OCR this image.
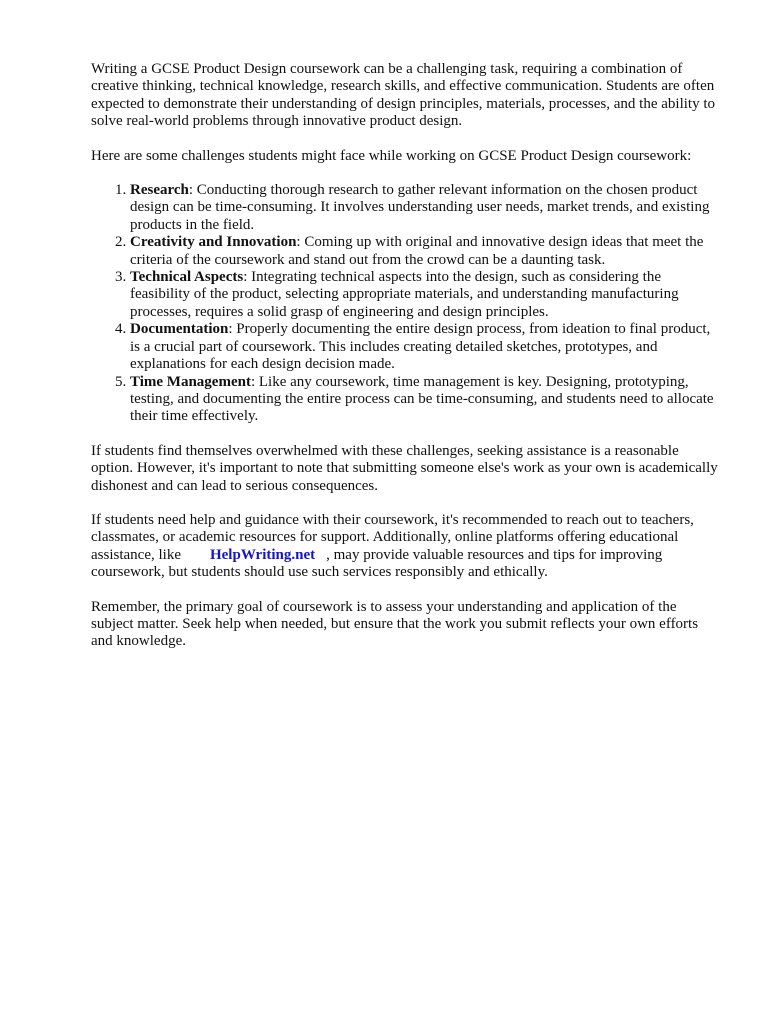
Writing a GCSE Product Design coursework can be a challenging task, requiring a combination of creative thinking, technical knowledge, research skills, and effective communication. Students are often expected to demonstrate their understanding of design principles, materials, processes, and the ability to solve real-world problems through innovative product design.

Here are some challenges students might face while working on GCSE Product Design coursework:

1. Research: Conducting thorough research to gather relevant information on the chosen product design can be time-consuming. It involves understanding user needs, market trends, and existing products in the field.
2. Creativity and Innovation: Coming up with original and innovative design ideas that meet the criteria of the coursework and stand out from the crowd can be a daunting task.
3. Technical Aspects: Integrating technical aspects into the design, such as considering the feasibility of the product, selecting appropriate materials, and understanding manufacturing processes, requires a solid grasp of engineering and design principles.
4. Documentation: Properly documenting the entire design process, from ideation to final product, is a crucial part of coursework. This includes creating detailed sketches, prototypes, and explanations for each design decision made.
5. Time Management: Like any coursework, time management is key. Designing, prototyping, testing, and documenting the entire process can be time-consuming, and students need to allocate their time effectively.

If students find themselves overwhelmed with these challenges, seeking assistance is a reasonable option. However, it's important to note that submitting someone else's work as your own is academically dishonest and can lead to serious consequences.

If students need help and guidance with their coursework, it's recommended to reach out to teachers, classmates, or academic resources for support. Additionally, online platforms offering educational assistance, like HelpWriting.net , may provide valuable resources and tips for improving coursework, but students should use such services responsibly and ethically.

Remember, the primary goal of coursework is to assess your understanding and application of the subject matter. Seek help when needed, but ensure that the work you submit reflects your own efforts and knowledge.
